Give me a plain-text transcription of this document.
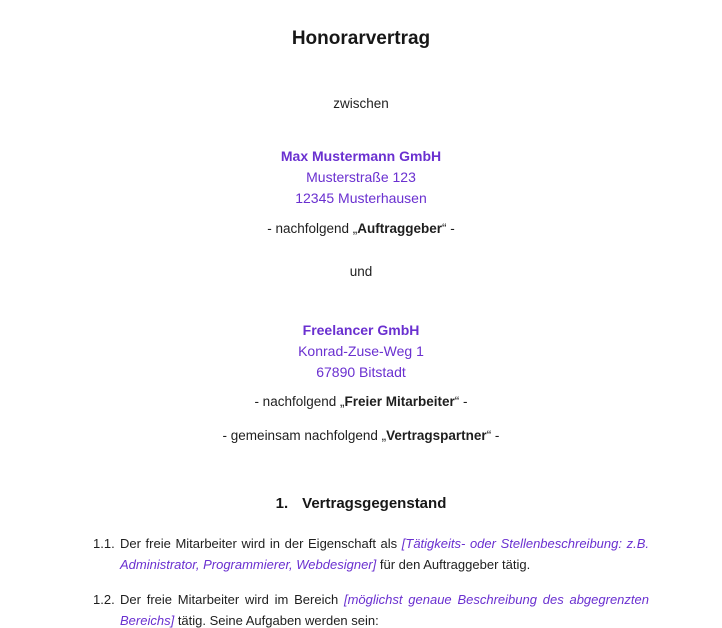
Honorarvertrag

zwischen

Max Mustermann GmbH

Musterstraße 123

12345 Musterhausen

- nachfolgend „Auftraggeber“ -

und

Freelancer GmbH

Konrad-Zuse-Weg 1

67890 Bitstadt

- nachfolgend „Freier Mitarbeiter“ -

- gemeinsam nachfolgend „Vertragspartner“ -

1. Vertragsgegenstand

1.1. Der freie Mitarbeiter wird in der Eigenschaft als [Tätigkeits- oder Stellenbeschreibung: z.B. Administrator, Programmierer, Webdesigner] für den Auftraggeber tätig.

1.2. Der freie Mitarbeiter wird im Bereich [möglichst genaue Beschreibung des abgegrenzten Bereichs] tätig. Seine Aufgaben werden sein:
